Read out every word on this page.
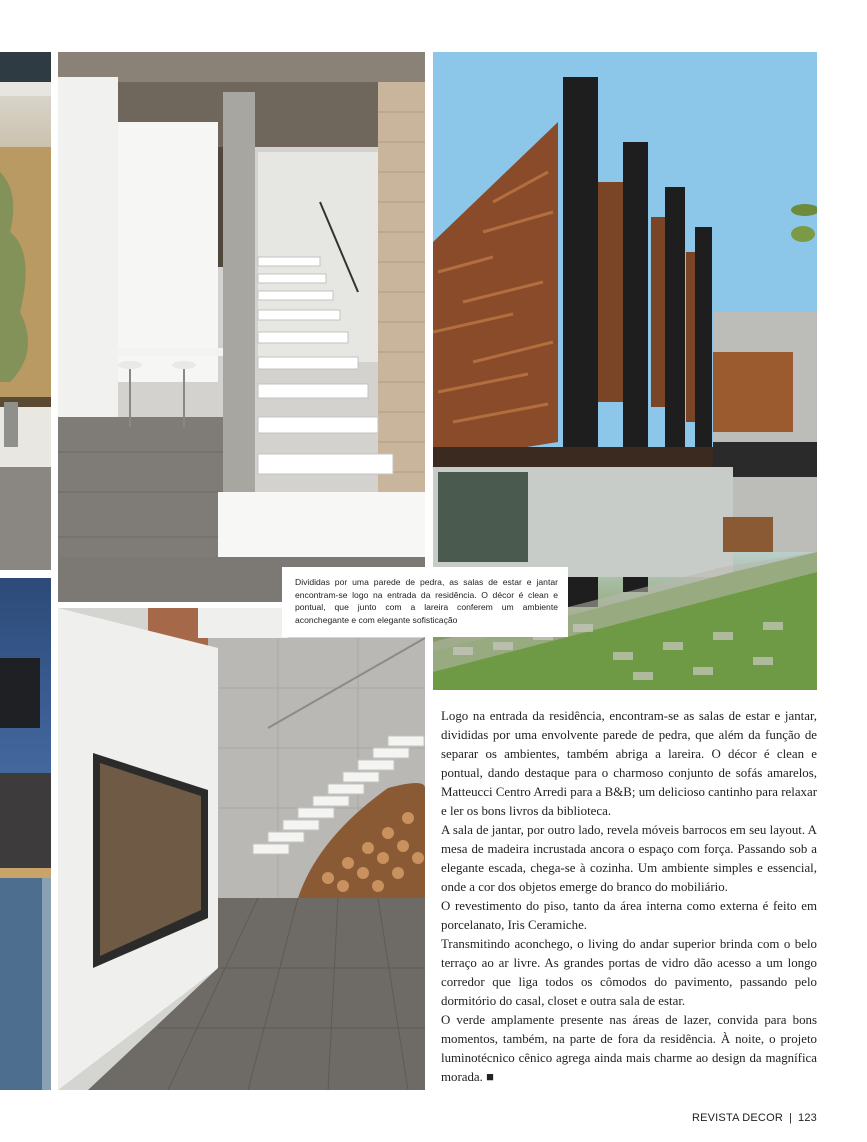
Divididas por uma parede de pedra, as salas de estar e jantar encontram-se logo na entrada da residência. O décor é clean e pontual, que junto com a lareira conferem um ambiente aconchegante e com elegante sofisticação

Logo na entrada da residência, encontram-se as salas de estar e jantar, divididas por uma envolvente parede de pedra, que além da função de separar os ambientes, também abriga a lareira. O décor é clean e pontual, dando destaque para o charmoso conjunto de sofás amarelos, Matteucci Centro Arredi para a B&B; um delicioso cantinho para relaxar e ler os bons livros da biblioteca.

A sala de jantar, por outro lado, revela móveis barrocos em seu layout. A mesa de madeira incrustada ancora o espaço com força. Passando sob a elegante escada, chega-se à cozinha. Um ambiente simples e essencial, onde a cor dos objetos emerge do branco do mobiliário.

O revestimento do piso, tanto da área interna como externa é feito em porcelanato, Iris Ceramiche.

Transmitindo aconchego, o living do andar superior brinda com o belo terraço ao ar livre. As grandes portas de vidro dão acesso a um longo corredor que liga todos os cômodos do pavimento, passando pelo dormitório do casal, closet e outra sala de estar.

O verde amplamente presente nas áreas de lazer, convida para bons momentos, também, na parte de fora da residência. À noite, o projeto luminotécnico cênico agrega ainda mais charme ao design da magnífica morada. ■

REVISTA DECOR | 123
